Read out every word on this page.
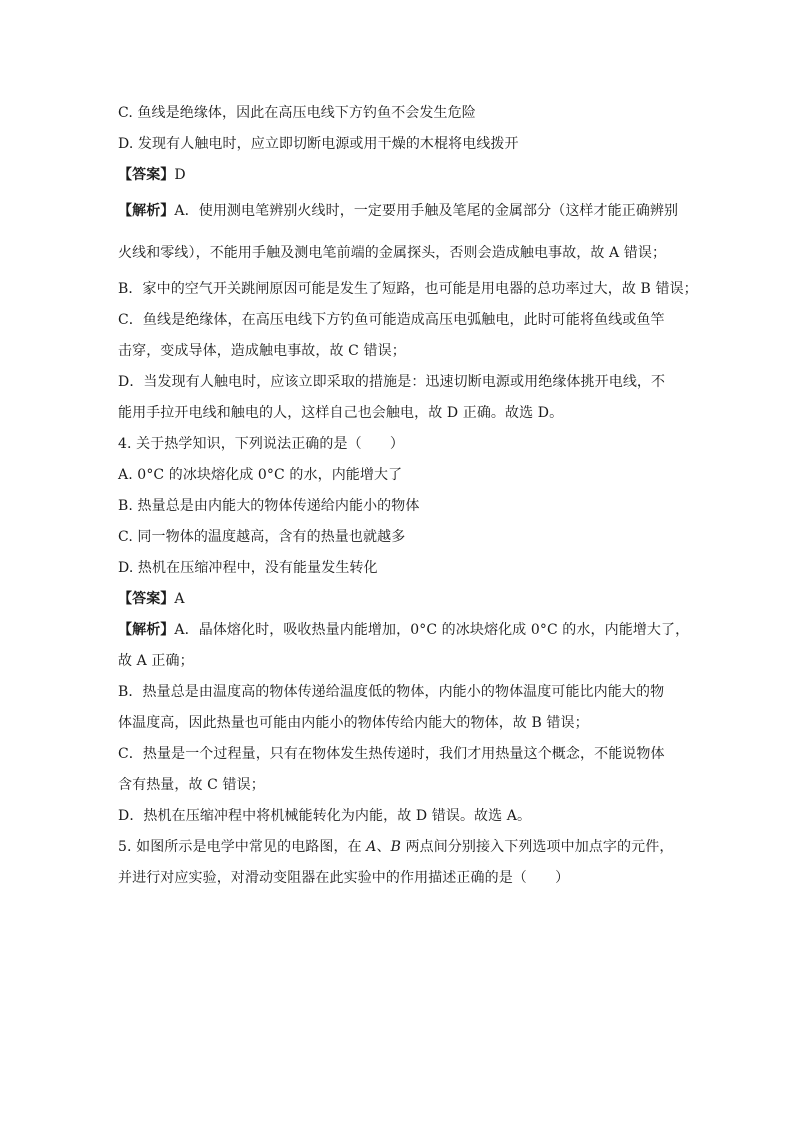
C. 鱼线是绝缘体，因此在高压电线下方钓鱼不会发生危险
D. 发现有人触电时，应立即切断电源或用干燥的木棍将电线拨开
【答案】D
【解析】A．使用测电笔辨别火线时，一定要用手触及笔尾的金属部分（这样才能正确辨别
火线和零线），不能用手触及测电笔前端的金属探头，否则会造成触电事故，故 A 错误；
B．家中的空气开关跳闸原因可能是发生了短路，也可能是用电器的总功率过大，故 B 错误；
C．鱼线是绝缘体，在高压电线下方钓鱼可能造成高压电弧触电，此时可能将鱼线或鱼竿
击穿，变成导体，造成触电事故，故 C 错误；
D．当发现有人触电时，应该立即采取的措施是：迅速切断电源或用绝缘体挑开电线，不
能用手拉开电线和触电的人，这样自己也会触电，故 D 正确。故选 D。
4. 关于热学知识，下列说法正确的是（　　）
A. 0°C 的冰块熔化成 0°C 的水，内能增大了
B. 热量总是由内能大的物体传递给内能小的物体
C. 同一物体的温度越高，含有的热量也就越多
D. 热机在压缩冲程中，没有能量发生转化
【答案】A
【解析】A．晶体熔化时，吸收热量内能增加，0°C 的冰块熔化成 0°C 的水，内能增大了，
故 A 正确；
B．热量总是由温度高的物体传递给温度低的物体，内能小的物体温度可能比内能大的物
体温度高，因此热量也可能由内能小的物体传给内能大的物体，故 B 错误；
C．热量是一个过程量，只有在物体发生热传递时，我们才用热量这个概念，不能说物体
含有热量，故 C 错误；
D．热机在压缩冲程中将机械能转化为内能，故 D 错误。故选 A。
5. 如图所示是电学中常见的电路图，在 A、B 两点间分别接入下列选项中加点字的元件，
并进行对应实验，对滑动变阻器在此实验中的作用描述正确的是（　　）
